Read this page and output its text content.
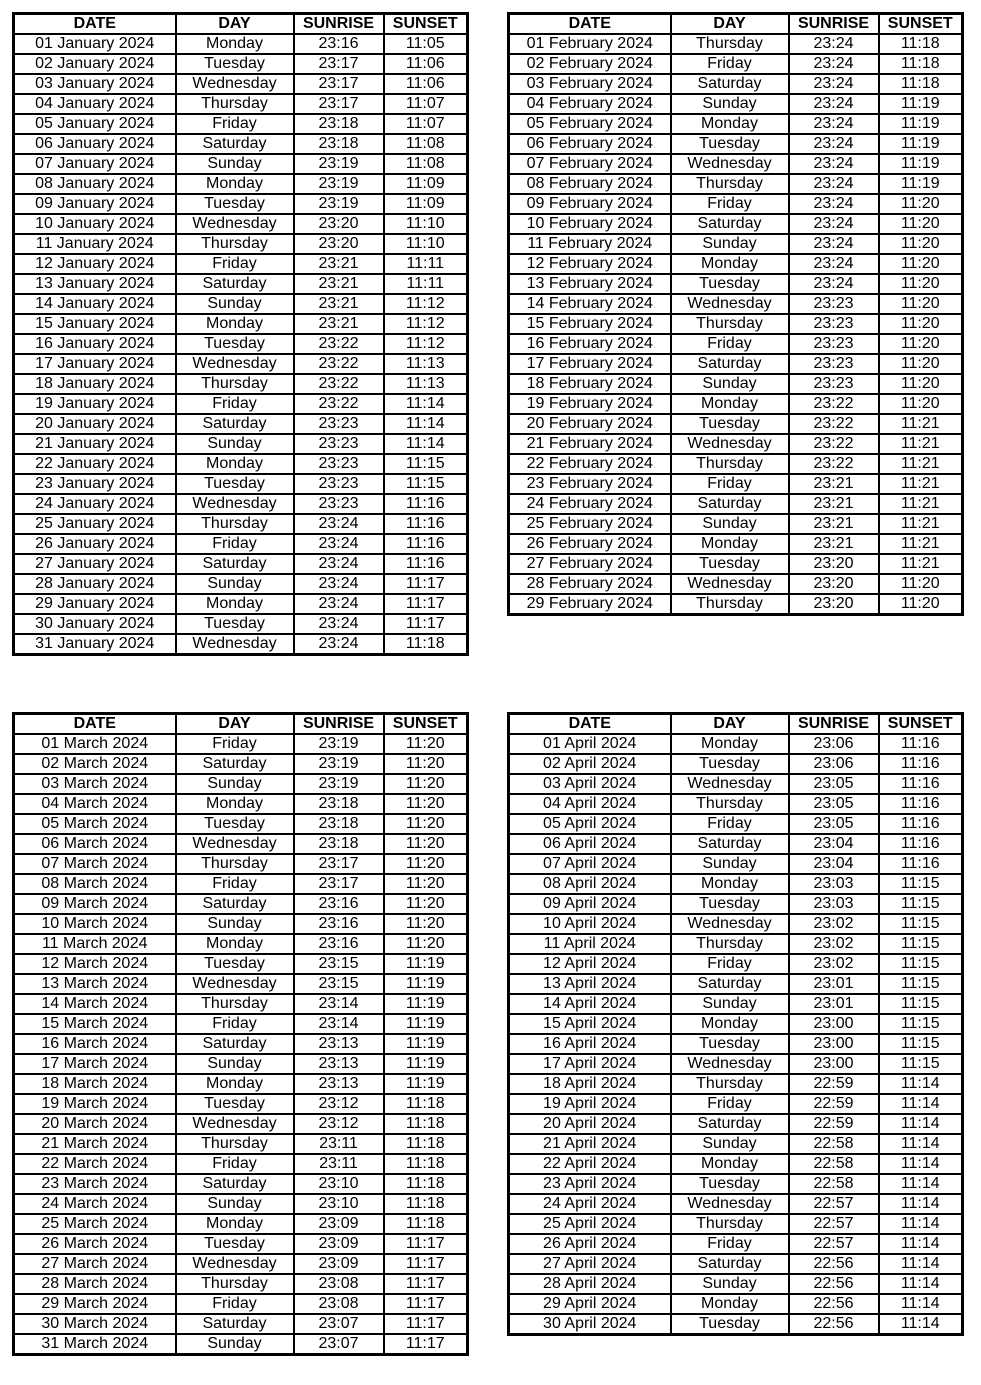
DATE	DAY	SUNRISE	SUNSET
01 January 2024	Monday	23:16	11:05
02 January 2024	Tuesday	23:17	11:06
03 January 2024	Wednesday	23:17	11:06
04 January 2024	Thursday	23:17	11:07
05 January 2024	Friday	23:18	11:07
06 January 2024	Saturday	23:18	11:08
07 January 2024	Sunday	23:19	11:08
08 January 2024	Monday	23:19	11:09
09 January 2024	Tuesday	23:19	11:09
10 January 2024	Wednesday	23:20	11:10
11 January 2024	Thursday	23:20	11:10
12 January 2024	Friday	23:21	11:11
13 January 2024	Saturday	23:21	11:11
14 January 2024	Sunday	23:21	11:12
15 January 2024	Monday	23:21	11:12
16 January 2024	Tuesday	23:22	11:12
17 January 2024	Wednesday	23:22	11:13
18 January 2024	Thursday	23:22	11:13
19 January 2024	Friday	23:22	11:14
20 January 2024	Saturday	23:23	11:14
21 January 2024	Sunday	23:23	11:14
22 January 2024	Monday	23:23	11:15
23 January 2024	Tuesday	23:23	11:15
24 January 2024	Wednesday	23:23	11:16
25 January 2024	Thursday	23:24	11:16
26 January 2024	Friday	23:24	11:16
27 January 2024	Saturday	23:24	11:16
28 January 2024	Sunday	23:24	11:17
29 January 2024	Monday	23:24	11:17
30 January 2024	Tuesday	23:24	11:17
31 January 2024	Wednesday	23:24	11:18
DATE	DAY	SUNRISE	SUNSET
01 February 2024	Thursday	23:24	11:18
02 February 2024	Friday	23:24	11:18
03 February 2024	Saturday	23:24	11:18
04 February 2024	Sunday	23:24	11:19
05 February 2024	Monday	23:24	11:19
06 February 2024	Tuesday	23:24	11:19
07 February 2024	Wednesday	23:24	11:19
08 February 2024	Thursday	23:24	11:19
09 February 2024	Friday	23:24	11:20
10 February 2024	Saturday	23:24	11:20
11 February 2024	Sunday	23:24	11:20
12 February 2024	Monday	23:24	11:20
13 February 2024	Tuesday	23:24	11:20
14 February 2024	Wednesday	23:23	11:20
15 February 2024	Thursday	23:23	11:20
16 February 2024	Friday	23:23	11:20
17 February 2024	Saturday	23:23	11:20
18 February 2024	Sunday	23:23	11:20
19 February 2024	Monday	23:22	11:20
20 February 2024	Tuesday	23:22	11:21
21 February 2024	Wednesday	23:22	11:21
22 February 2024	Thursday	23:22	11:21
23 February 2024	Friday	23:21	11:21
24 February 2024	Saturday	23:21	11:21
25 February 2024	Sunday	23:21	11:21
26 February 2024	Monday	23:21	11:21
27 February 2024	Tuesday	23:20	11:21
28 February 2024	Wednesday	23:20	11:20
29 February 2024	Thursday	23:20	11:20
DATE	DAY	SUNRISE	SUNSET
01 March 2024	Friday	23:19	11:20
02 March 2024	Saturday	23:19	11:20
03 March 2024	Sunday	23:19	11:20
04 March 2024	Monday	23:18	11:20
05 March 2024	Tuesday	23:18	11:20
06 March 2024	Wednesday	23:18	11:20
07 March 2024	Thursday	23:17	11:20
08 March 2024	Friday	23:17	11:20
09 March 2024	Saturday	23:16	11:20
10 March 2024	Sunday	23:16	11:20
11 March 2024	Monday	23:16	11:20
12 March 2024	Tuesday	23:15	11:19
13 March 2024	Wednesday	23:15	11:19
14 March 2024	Thursday	23:14	11:19
15 March 2024	Friday	23:14	11:19
16 March 2024	Saturday	23:13	11:19
17 March 2024	Sunday	23:13	11:19
18 March 2024	Monday	23:13	11:19
19 March 2024	Tuesday	23:12	11:18
20 March 2024	Wednesday	23:12	11:18
21 March 2024	Thursday	23:11	11:18
22 March 2024	Friday	23:11	11:18
23 March 2024	Saturday	23:10	11:18
24 March 2024	Sunday	23:10	11:18
25 March 2024	Monday	23:09	11:18
26 March 2024	Tuesday	23:09	11:17
27 March 2024	Wednesday	23:09	11:17
28 March 2024	Thursday	23:08	11:17
29 March 2024	Friday	23:08	11:17
30 March 2024	Saturday	23:07	11:17
31 March 2024	Sunday	23:07	11:17
DATE	DAY	SUNRISE	SUNSET
01 April 2024	Monday	23:06	11:16
02 April 2024	Tuesday	23:06	11:16
03 April 2024	Wednesday	23:05	11:16
04 April 2024	Thursday	23:05	11:16
05 April 2024	Friday	23:05	11:16
06 April 2024	Saturday	23:04	11:16
07 April 2024	Sunday	23:04	11:16
08 April 2024	Monday	23:03	11:15
09 April 2024	Tuesday	23:03	11:15
10 April 2024	Wednesday	23:02	11:15
11 April 2024	Thursday	23:02	11:15
12 April 2024	Friday	23:02	11:15
13 April 2024	Saturday	23:01	11:15
14 April 2024	Sunday	23:01	11:15
15 April 2024	Monday	23:00	11:15
16 April 2024	Tuesday	23:00	11:15
17 April 2024	Wednesday	23:00	11:15
18 April 2024	Thursday	22:59	11:14
19 April 2024	Friday	22:59	11:14
20 April 2024	Saturday	22:59	11:14
21 April 2024	Sunday	22:58	11:14
22 April 2024	Monday	22:58	11:14
23 April 2024	Tuesday	22:58	11:14
24 April 2024	Wednesday	22:57	11:14
25 April 2024	Thursday	22:57	11:14
26 April 2024	Friday	22:57	11:14
27 April 2024	Saturday	22:56	11:14
28 April 2024	Sunday	22:56	11:14
29 April 2024	Monday	22:56	11:14
30 April 2024	Tuesday	22:56	11:14
